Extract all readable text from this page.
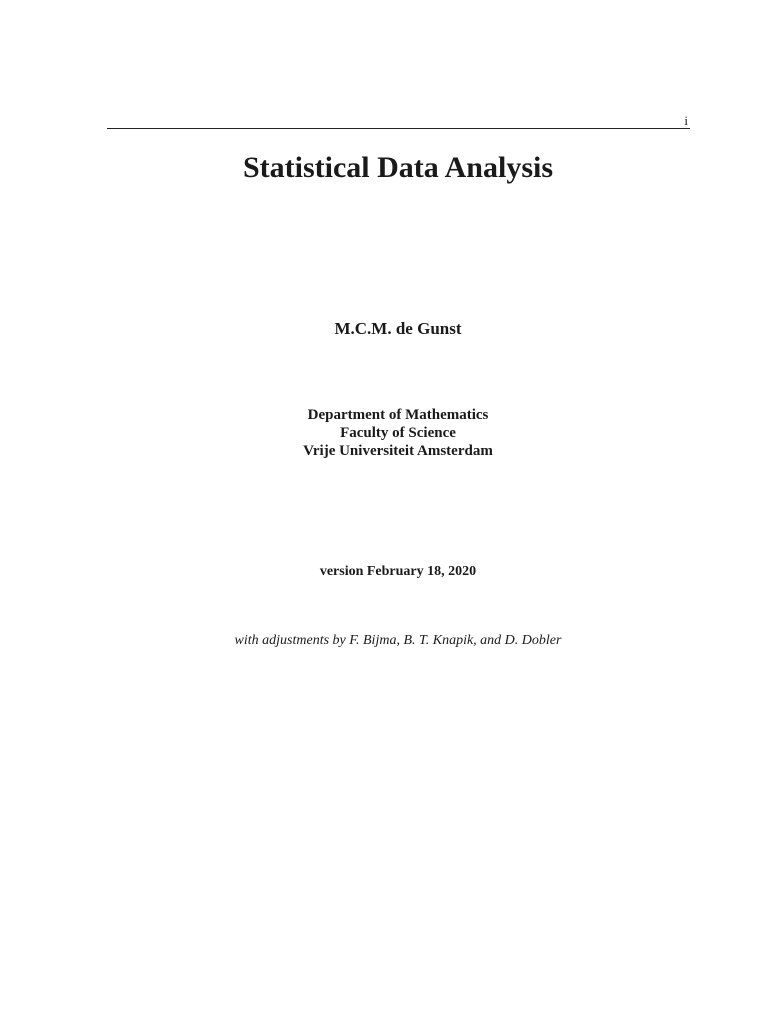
i
Statistical Data Analysis
M.C.M. de Gunst
Department of Mathematics
Faculty of Science
Vrije Universiteit Amsterdam
version February 18, 2020
with adjustments by F. Bijma, B. T. Knapik, and D. Dobler
